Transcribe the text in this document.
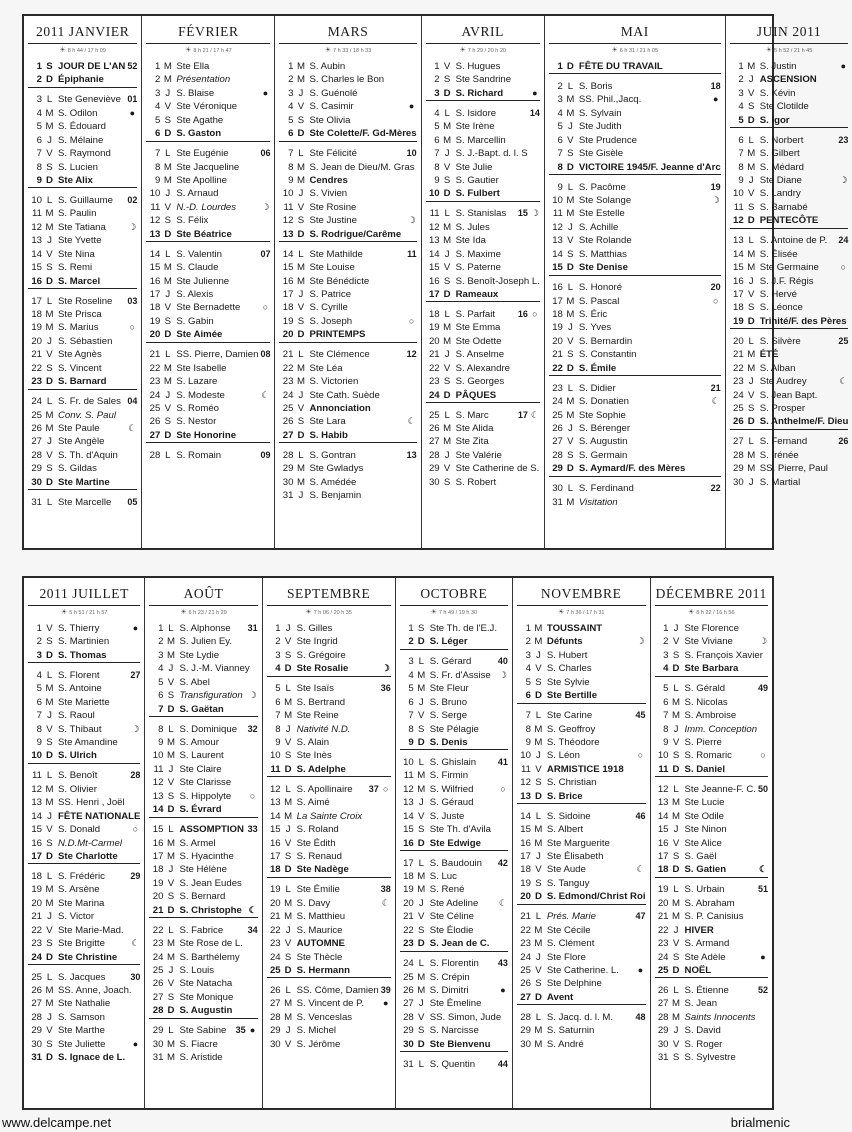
2011 JANVIER
☀ 8 h 44 / 17 h 09
1 S JOUR DE L'AN 52
2 D Épiphanie
3 L Ste Geneviève 01
4 M S. Odilon	●
5 M S. Édouard
6 J S. Mélaine
7 V S. Raymond
8 S S. Lucien
9 D Ste Alix
10 L S. Guillaume	02
11 M S. Paulin
12 M Ste Tatiana	☽
13 J Ste Yvette
14 V Ste Nina
15 S S. Remi
16 D S. Marcel
17 L Ste Roseline	03
18 M Ste Prisca
19 M S. Marius	○
20 J S. Sébastien
21 V Ste Agnès
22 S S. Vincent
23 D S. Barnard
24 L S. Fr. de Sales 04
25 M Conv. S. Paul
26 M Ste Paule	☾
27 J Ste Angèle
28 V S. Th. d'Aquin
29 S S. Gildas
30 D Ste Martine
31 L Ste Marcelle	05
FÉVRIER
☀ 8 h 21 / 17 h 47
1 M Ste Ella
2 M Présentation
3 J S. Blaise	●
4 V Ste Véronique
5 S Ste Agathe
6 D S. Gaston
7 L Ste Eugénie	06
8 M Ste Jacqueline
9 M Ste Apolline
10 J S. Arnaud
11 V N.-D. Lourdes	☽
12 S S. Félix
13 D Ste Béatrice
14 L S. Valentin	07
15 M S. Claude
16 M Ste Julienne
17 J S. Alexis
18 V Ste Bernadette	○
19 S S. Gabin
20 D Ste Aimée
21 L SS. Pierre, Damien 08
22 M Ste Isabelle
23 M S. Lazare
24 J S. Modeste	☾
25 V S. Roméo
26 S S. Nestor
27 D Ste Honorine
28 L S. Romain	09
MARS
☀ 7 h 33 / 18 h 33
1 M S. Aubin
2 M S. Charles le Bon
3 J S. Guénolé
4 V S. Casimir	●
5 S Ste Olivia
6 D Ste Colette/F. Gd-Mères
7 L Ste Félicité	10
8 M S. Jean de Dieu/M. Gras
9 M Cendres
10 J S. Vivien
11 V Ste Rosine
12 S Ste Justine	☽
13 D S. Rodrigue/Carême
14 L Ste Mathilde	11
15 M Ste Louise
16 M Ste Bénédicte
17 J S. Patrice
18 V S. Cyrille
19 S S. Joseph	○
20 D PRINTEMPS
21 L Ste Clémence	12
22 M Ste Léa
23 M S. Victorien
24 J Ste Cath. Suède
25 V Annonciation
26 S Ste Lara	☾
27 D S. Habib
28 L S. Gontran	13
29 M Ste Gwladys
30 M S. Amédée
31 J S. Benjamin
AVRIL
☀ 7 h 29 / 20 h 20
1 V S. Hugues
2 S Ste Sandrine
3 D S. Richard	●
4 L S. Isidore	14
5 M Ste Irène
6 M S. Marcellin
7 J S. J.-Bapt. d. l. S
8 V Ste Julie
9 S S. Gautier
10 D S. Fulbert
11 L S. Stanislas	15 ☽
12 M S. Jules
13 M Ste Ida
14 J S. Maxime
15 V S. Paterne
16 S S. Benoît-Joseph L.
17 D Rameaux
18 L S. Parfait	16 ○
19 M Ste Emma
20 M Ste Odette
21 J S. Anselme
22 V S. Alexandre
23 S S. Georges
24 D PÂQUES
25 L S. Marc	17 ☾
26 M Ste Alida
27 M Ste Zita
28 J Ste Valérie
29 V Ste Catherine de S.
30 S S. Robert
MAI
☀ 6 h 31 / 21 h 05
1 D FÊTE DU TRAVAIL
2 L S. Boris	18
3 M SS. Phil.,Jacq.	●
4 M S. Sylvain
5 J Ste Judith
6 V Ste Prudence
7 S Ste Gisèle
8 D VICTOIRE 1945/F. Jeanne d'Arc
9 L S. Pacôme	19
10 M Ste Solange	☽
11 M Ste Estelle
12 J S. Achille
13 V Ste Rolande
14 S S. Matthias
15 D Ste Denise
16 L S. Honoré	20
17 M S. Pascal	○
18 M S. Éric
19 J S. Yves
20 V S. Bernardin
21 S S. Constantin
22 D S. Émile
23 L S. Didier	21
24 M S. Donatien	☾
25 M Ste Sophie
26 J S. Bérenger
27 V S. Augustin
28 S S. Germain
29 D S. Aymard/F. des Mères
30 L S. Ferdinand	22
31 M Visitation
JUIN 2011
☀ 5 h 52 / 21 h 45
1 M S. Justin	●
2 J ASCENSION
3 V S. Kévin
4 S Ste Clotilde
5 D S. Igor
6 L S. Norbert	23
7 M S. Gilbert
8 M S. Médard
9 J Ste Diane	☽
10 V S. Landry
11 S S. Barnabé
12 D PENTECÔTE
13 L S. Antoine de P.	24
14 M S. Élisée
15 M Ste Germaine	○
16 J S. J.F. Régis
17 V S. Hervé
18 S S. Léonce
19 D Trinité/F. des Pères
20 L S. Silvère	25
21 M ÉTÉ
22 M S. Alban
23 J Ste Audrey	☾
24 V S. Jean Bapt.
25 S S. Prosper
26 D S. Anthelme/F. Dieu
27 L S. Fernand	26
28 M S. Irénée
29 M SS. Pierre, Paul
30 J S. Martial
2011 JUILLET
☀ 5 h 51 / 21 h 57
1 V S. Thierry	●
2 S S. Martinien
3 D S. Thomas
4 L S. Florent	27
5 M S. Antoine
6 M Ste Mariette
7 J S. Raoul
8 V S. Thibaut	☽
9 S Ste Amandine
10 D S. Ulrich
11 L S. Benoît	28
12 M S. Olivier
13 M SS. Henri , Joël
14 J FÊTE NATIONALE
15 V S. Donald	○
16 S N.D.Mt-Carmel
17 D Ste Charlotte
18 L S. Frédéric	29
19 M S. Arsène
20 M Ste Marina
21 J S. Victor
22 V Ste Marie-Mad.
23 S Ste Brigitte	☾
24 D Ste Christine
25 L S. Jacques	30
26 M SS. Anne, Joach.
27 M Ste Nathalie
28 J S. Samson
29 V Ste Marthe
30 S Ste Juliette	●
31 D S. Ignace de L.
AOÛT
☀ 6 h 23 / 21 h 29
1 L S. Alphonse	31
2 M S. Julien Ey.
3 M Ste Lydie
4 J S. J.-M. Vianney
5 V S. Abel
6 S Transfiguration ☽
7 D S. Gaëtan
8 L S. Dominique	32
9 M S. Amour
10 M S. Laurent
11 J Ste Claire
12 V Ste Clarisse
13 S S. Hippolyte	○
14 D S. Évrard
15 L ASSOMPTION 33
16 M S. Armel
17 M S. Hyacinthe
18 J Ste Hélène
19 V S. Jean Eudes
20 S S. Bernard
21 D S. Christophe ☾
22 L S. Fabrice	34
23 M Ste Rose de L.
24 M S. Barthélemy
25 J S. Louis
26 V Ste Natacha
27 S Ste Monique
28 D S. Augustin
29 L Ste Sabine	35 ●
30 M S. Fiacre
31 M S. Aristide
SEPTEMBRE
☀ 7 h 06 / 20 h 35
1 J S. Gilles
2 V Ste Ingrid
3 S S. Grégoire
4 D Ste Rosalie	☽
5 L Ste Isaïs	36
6 M S. Bertrand
7 M Ste Reine
8 J Nativité N.D.
9 V S. Alain
10 S Ste Inès
11 D S. Adelphe
12 L S. Apollinaire	37 ○
13 M S. Aimé
14 M La Sainte Croix
15 J S. Roland
16 V Ste Édith
17 S S. Renaud
18 D Ste Nadège
19 L Ste Émilie	38
20 M S. Davy	☾
21 M S. Matthieu
22 J S. Maurice
23 V AUTOMNE
24 S Ste Thècle
25 D S. Hermann
26 L SS. Côme, Damien 39
27 M S. Vincent de P.	●
28 M S. Venceslas
29 J S. Michel
30 V S. Jérôme
OCTOBRE
☀ 7 h 49 / 19 h 30
1 S Ste Th. de l'E.J.
2 D S. Léger
3 L S. Gérard	40
4 M S. Fr. d'Assise ☽
5 M Ste Fleur
6 J S. Bruno
7 V S. Serge
8 S Ste Pélagie
9 D S. Denis
10 L S. Ghislain	41
11 M S. Firmin
12 M S. Wilfried	○
13 J S. Géraud
14 V S. Juste
15 S Ste Th. d'Avila
16 D Ste Edwige
17 L S. Baudouin	42
18 M S. Luc
19 M S. René
20 J Ste Adeline	☾
21 V Ste Céline
22 S Ste Élodie
23 D S. Jean de C.
24 L S. Florentin	43
25 M S. Crépin
26 M S. Dimitri	●
27 J Ste Émeline
28 V SS. Simon, Jude
29 S S. Narcisse
30 D Ste Bienvenu
31 L S. Quentin	44
NOVEMBRE
☀ 7 h 36 / 17 h 31
1 M TOUSSAINT
2 M Défunts	☽
3 J S. Hubert
4 V S. Charles
5 S Ste Sylvie
6 D Ste Bertille
7 L Ste Carine	45
8 M S. Geoffroy
9 M S. Théodore
10 J S. Léon	○
11 V ARMISTICE 1918
12 S S. Christian
13 D S. Brice
14 L S. Sidoine	46
15 M S. Albert
16 M Ste Marguerite
17 J Ste Élisabeth
18 V Ste Aude	☾
19 S S. Tanguy
20 D S. Edmond/Christ Roi
21 L Prés. Marie	47
22 M Ste Cécile
23 M S. Clément
24 J Ste Flore
25 V Ste Catherine. L.	●
26 S Ste Delphine
27 D Avent
28 L S. Jacq. d. l. M.	48
29 M S. Saturnin
30 M S. André
DÉCEMBRE 2011
☀ 8 h 22 / 16 h 56
1 J Ste Florence
2 V Ste Viviane	☽
3 S S. François Xavier
4 D Ste Barbara
5 L S. Gérald	49
6 M S. Nicolas
7 M S. Ambroise
8 J Imm. Conception
9 V S. Pierre
10 S S. Romaric	○
11 D S. Daniel
12 L Ste Jeanne-F. C. 50
13 M Ste Lucie
14 M Ste Odile
15 J Ste Ninon
16 V Ste Alice
17 S S. Gaël
18 D S. Gatien	☾
19 L S. Urbain	51
20 M S. Abraham
21 M S. P. Canisius
22 J HIVER
23 V S. Armand
24 S Ste Adèle	●
25 D NOËL
26 L S. Étienne	52
27 M S. Jean
28 M Saints Innocents
29 J S. David
30 V S. Roger
31 S S. Sylvestre
www.delcampe.net	brialmenic
